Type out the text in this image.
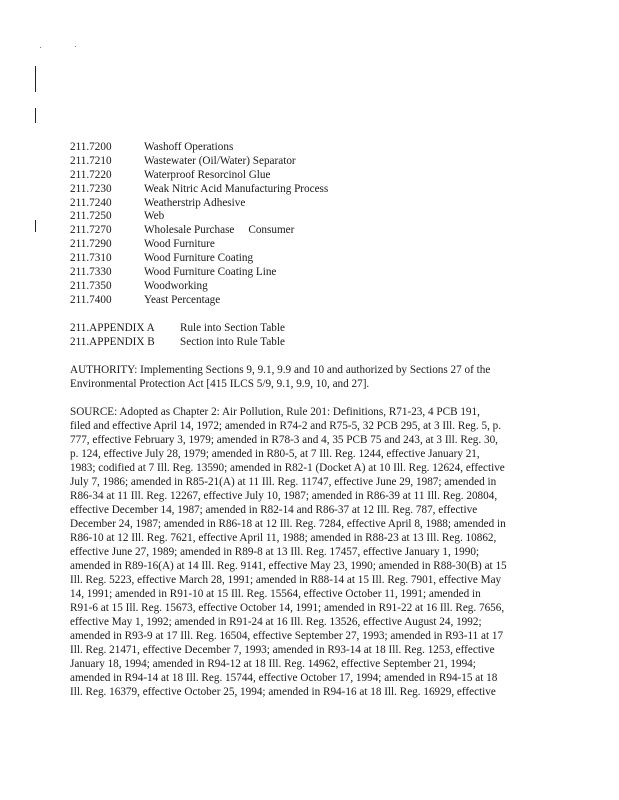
211.7200	Washoff Operations
211.7210	Wastewater (Oil/Water) Separator
211.7220	Waterproof Resorcinol Glue
211.7230	Weak Nitric Acid Manufacturing Process
211.7240	Weatherstrip Adhesive
211.7250	Web
211.7270	Wholesale Purchase     Consumer
211.7290	Wood Furniture
211.7310	Wood Furniture Coating
211.7330	Wood Furniture Coating Line
211.7350	Woodworking
211.7400	Yeast Percentage
211.APPENDIX A Rule into Section Table
211.APPENDIX B Section into Rule Table

AUTHORITY: Implementing Sections 9, 9.1, 9.9 and 10 and authorized by Sections 27 of the
Environmental Protection Act [415 ILCS 5/9, 9.1, 9.9, 10, and 27].

SOURCE: Adopted as Chapter 2: Air Pollution, Rule 201: Definitions, R71-23, 4 PCB 191,
filed and effective April 14, 1972; amended in R74-2 and R75-5, 32 PCB 295, at 3 Ill. Reg. 5, p.
777, effective February 3, 1979; amended in R78-3 and 4, 35 PCB 75 and 243, at 3 Ill. Reg. 30,
p. 124, effective July 28, 1979; amended in R80-5, at 7 Ill. Reg. 1244, effective January 21,
1983; codified at 7 Ill. Reg. 13590; amended in R82-1 (Docket A) at 10 Ill. Reg. 12624, effective
July 7, 1986; amended in R85-21(A) at 11 Ill. Reg. 11747, effective June 29, 1987; amended in
R86-34 at 11 Ill. Reg. 12267, effective July 10, 1987; amended in R86-39 at 11 Ill. Reg. 20804,
effective December 14, 1987; amended in R82-14 and R86-37 at 12 Ill. Reg. 787, effective
December 24, 1987; amended in R86-18 at 12 Ill. Reg. 7284, effective April 8, 1988; amended in
R86-10 at 12 Ill. Reg. 7621, effective April 11, 1988; amended in R88-23 at 13 Ill. Reg. 10862,
effective June 27, 1989; amended in R89-8 at 13 Ill. Reg. 17457, effective January 1, 1990;
amended in R89-16(A) at 14 Ill. Reg. 9141, effective May 23, 1990; amended in R88-30(B) at 15
Ill. Reg. 5223, effective March 28, 1991; amended in R88-14 at 15 Ill. Reg. 7901, effective May
14, 1991; amended in R91-10 at 15 Ill. Reg. 15564, effective October 11, 1991; amended in
R91-6 at 15 Ill. Reg. 15673, effective October 14, 1991; amended in R91-22 at 16 Ill. Reg. 7656,
effective May 1, 1992; amended in R91-24 at 16 Ill. Reg. 13526, effective August 24, 1992;
amended in R93-9 at 17 Ill. Reg. 16504, effective September 27, 1993; amended in R93-11 at 17
Ill. Reg. 21471, effective December 7, 1993; amended in R93-14 at 18 Ill. Reg. 1253, effective
January 18, 1994; amended in R94-12 at 18 Ill. Reg. 14962, effective September 21, 1994;
amended in R94-14 at 18 Ill. Reg. 15744, effective October 17, 1994; amended in R94-15 at 18
Ill. Reg. 16379, effective October 25, 1994; amended in R94-16 at 18 Ill. Reg. 16929, effective
